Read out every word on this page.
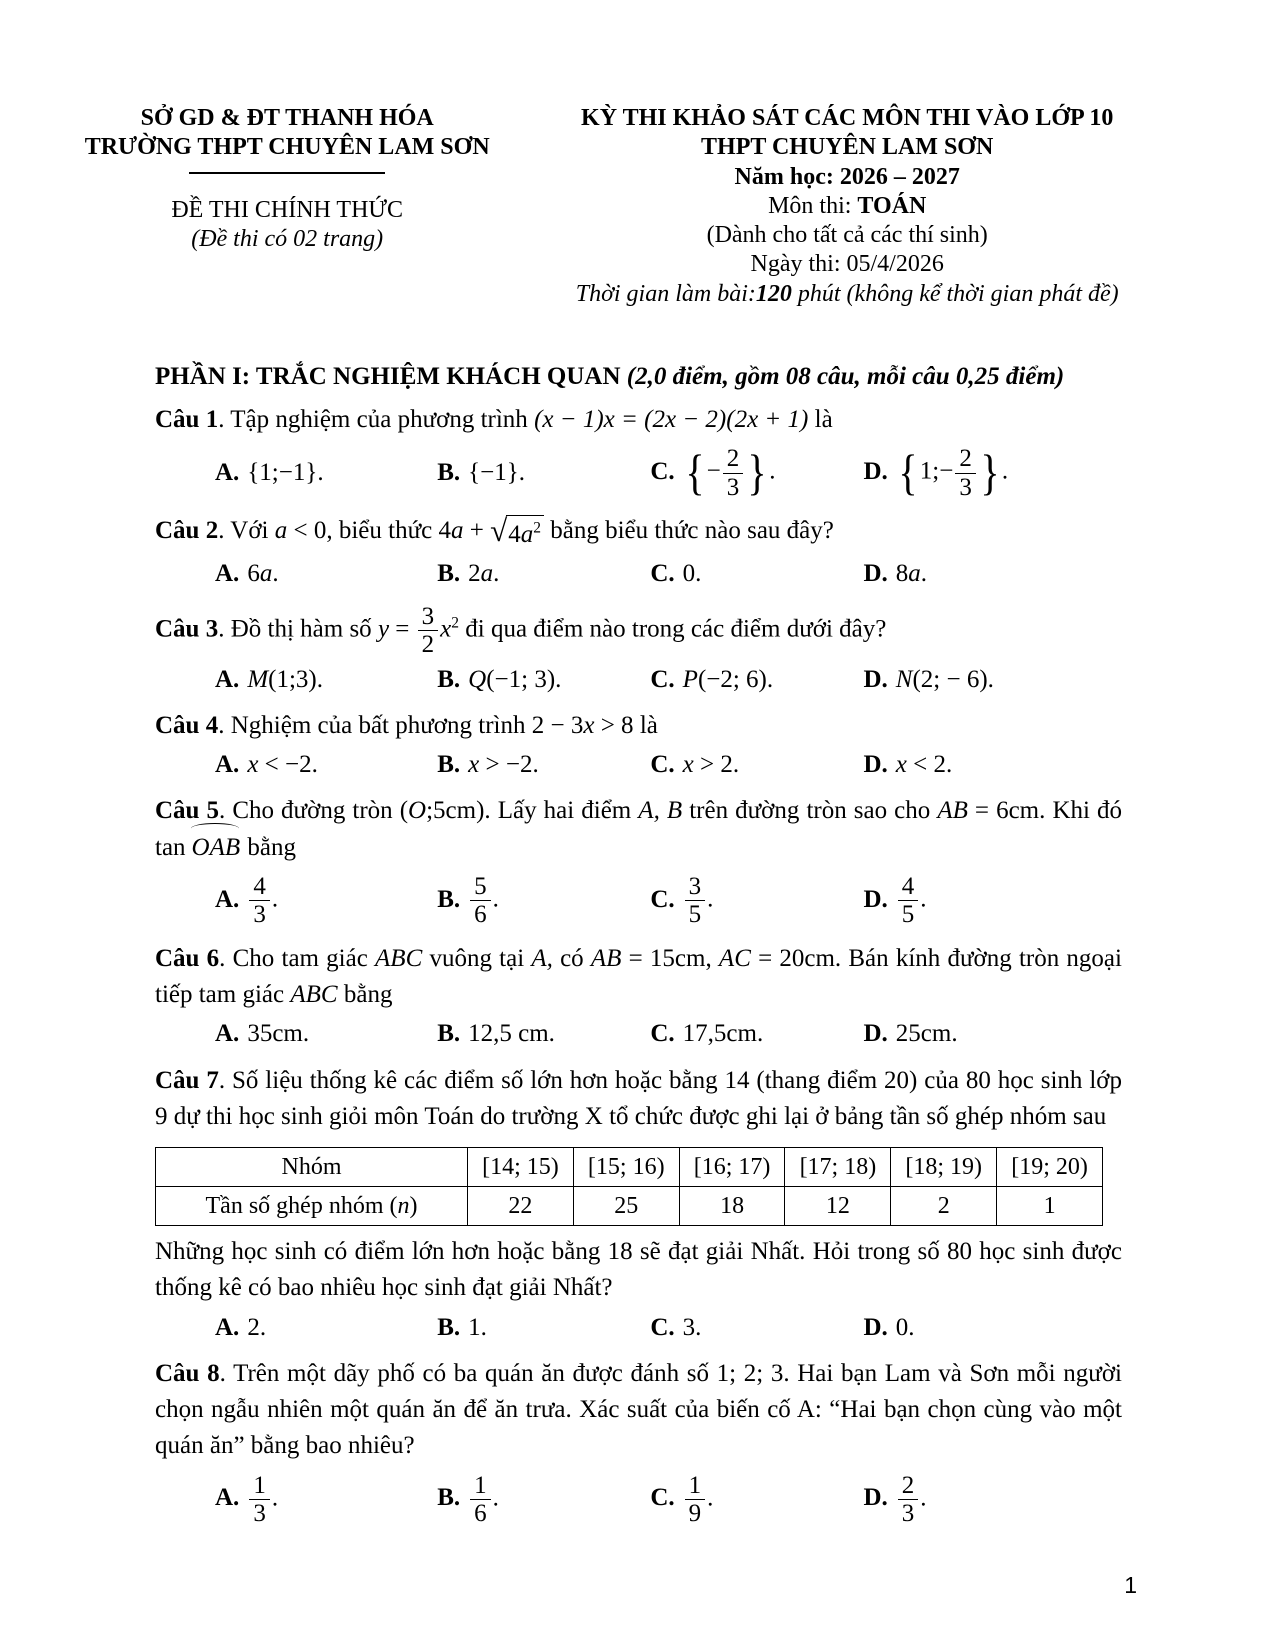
SỞ GD & ĐT THANH HÓA
TRƯỜNG THPT CHUYÊN LAM SƠN
ĐỀ THI CHÍNH THỨC
(Đề thi có 02 trang)
KỲ THI KHẢO SÁT CÁC MÔN THI VÀO LỚP 10
THPT CHUYÊN LAM SƠN
Năm học: 2026 – 2027
Môn thi: TOÁN
(Dành cho tất cả các thí sinh)
Ngày thi: 05/4/2026
Thời gian làm bài:120 phút (không kể thời gian phát đề)

PHẦN I: TRẮC NGHIỆM KHÁCH QUAN (2,0 điểm, gồm 08 câu, mỗi câu 0,25 điểm)

Câu 1. Tập nghiệm của phương trình (x − 1)x = (2x − 2)(2x + 1) là

A. {1;−1}.	B. {−1}.	C. {− $\frac{2}{3}$ }.	D. {1;− $\frac{2}{3}$ }.

Câu 2. Với a < 0, biểu thức 4a + √ $4a^2$ bằng biểu thức nào sau đây?

A. 6a.	B. 2a.	C. 0.	D. 8a.

Câu 3. Đồ thị hàm số $y = \frac{3}{2} x^2$ đi qua điểm nào trong các điểm dưới đây?

A. M(1;3).	B. Q(−1; 3).	C. P(−2; 6).	D. N(2; − 6).

Câu 4. Nghiệm của bất phương trình 2 − 3x > 8 là

A. x < −2.	B. x > −2.	C. x > 2.	D. x < 2.

Câu 5. Cho đường tròn (O;5cm). Lấy hai điểm A, B trên đường tròn sao cho AB = 6cm. Khi đó tan OAB bằng

A. $\frac{4}{3}$ .	B. $\frac{5}{6}$ .	C. $\frac{3}{5}$ .	D. $\frac{4}{5}$ .

Câu 6. Cho tam giác ABC vuông tại A, có AB = 15cm, AC = 20cm. Bán kính đường tròn ngoại tiếp tam giác ABC bằng

A. 35cm.	B. 12,5 cm.	C. 17,5cm.	D. 25cm.

Câu 7. Số liệu thống kê các điểm số lớn hơn hoặc bằng 14 (thang điểm 20) của 80 học sinh lớp 9 dự thi học sinh giỏi môn Toán do trường X tổ chức được ghi lại ở bảng tần số ghép nhóm sau

Nhóm	[14; 15)	[15; 16)	[16; 17)	[17; 18)	[18; 19)	[19; 20)
Tần số ghép nhóm (n)	22	25	18	12	2	1

Những học sinh có điểm lớn hơn hoặc bằng 18 sẽ đạt giải Nhất. Hỏi trong số 80 học sinh được thống kê có bao nhiêu học sinh đạt giải Nhất?

A. 2.	B. 1.	C. 3.	D. 0.

Câu 8. Trên một dãy phố có ba quán ăn được đánh số 1; 2; 3. Hai bạn Lam và Sơn mỗi người chọn ngẫu nhiên một quán ăn để ăn trưa. Xác suất của biến cố A: “Hai bạn chọn cùng vào một quán ăn” bằng bao nhiêu?

A. $\frac{1}{3}$ .	B. $\frac{1}{6}$ .	C. $\frac{1}{9}$ .	D. $\frac{2}{3}$ .
1
